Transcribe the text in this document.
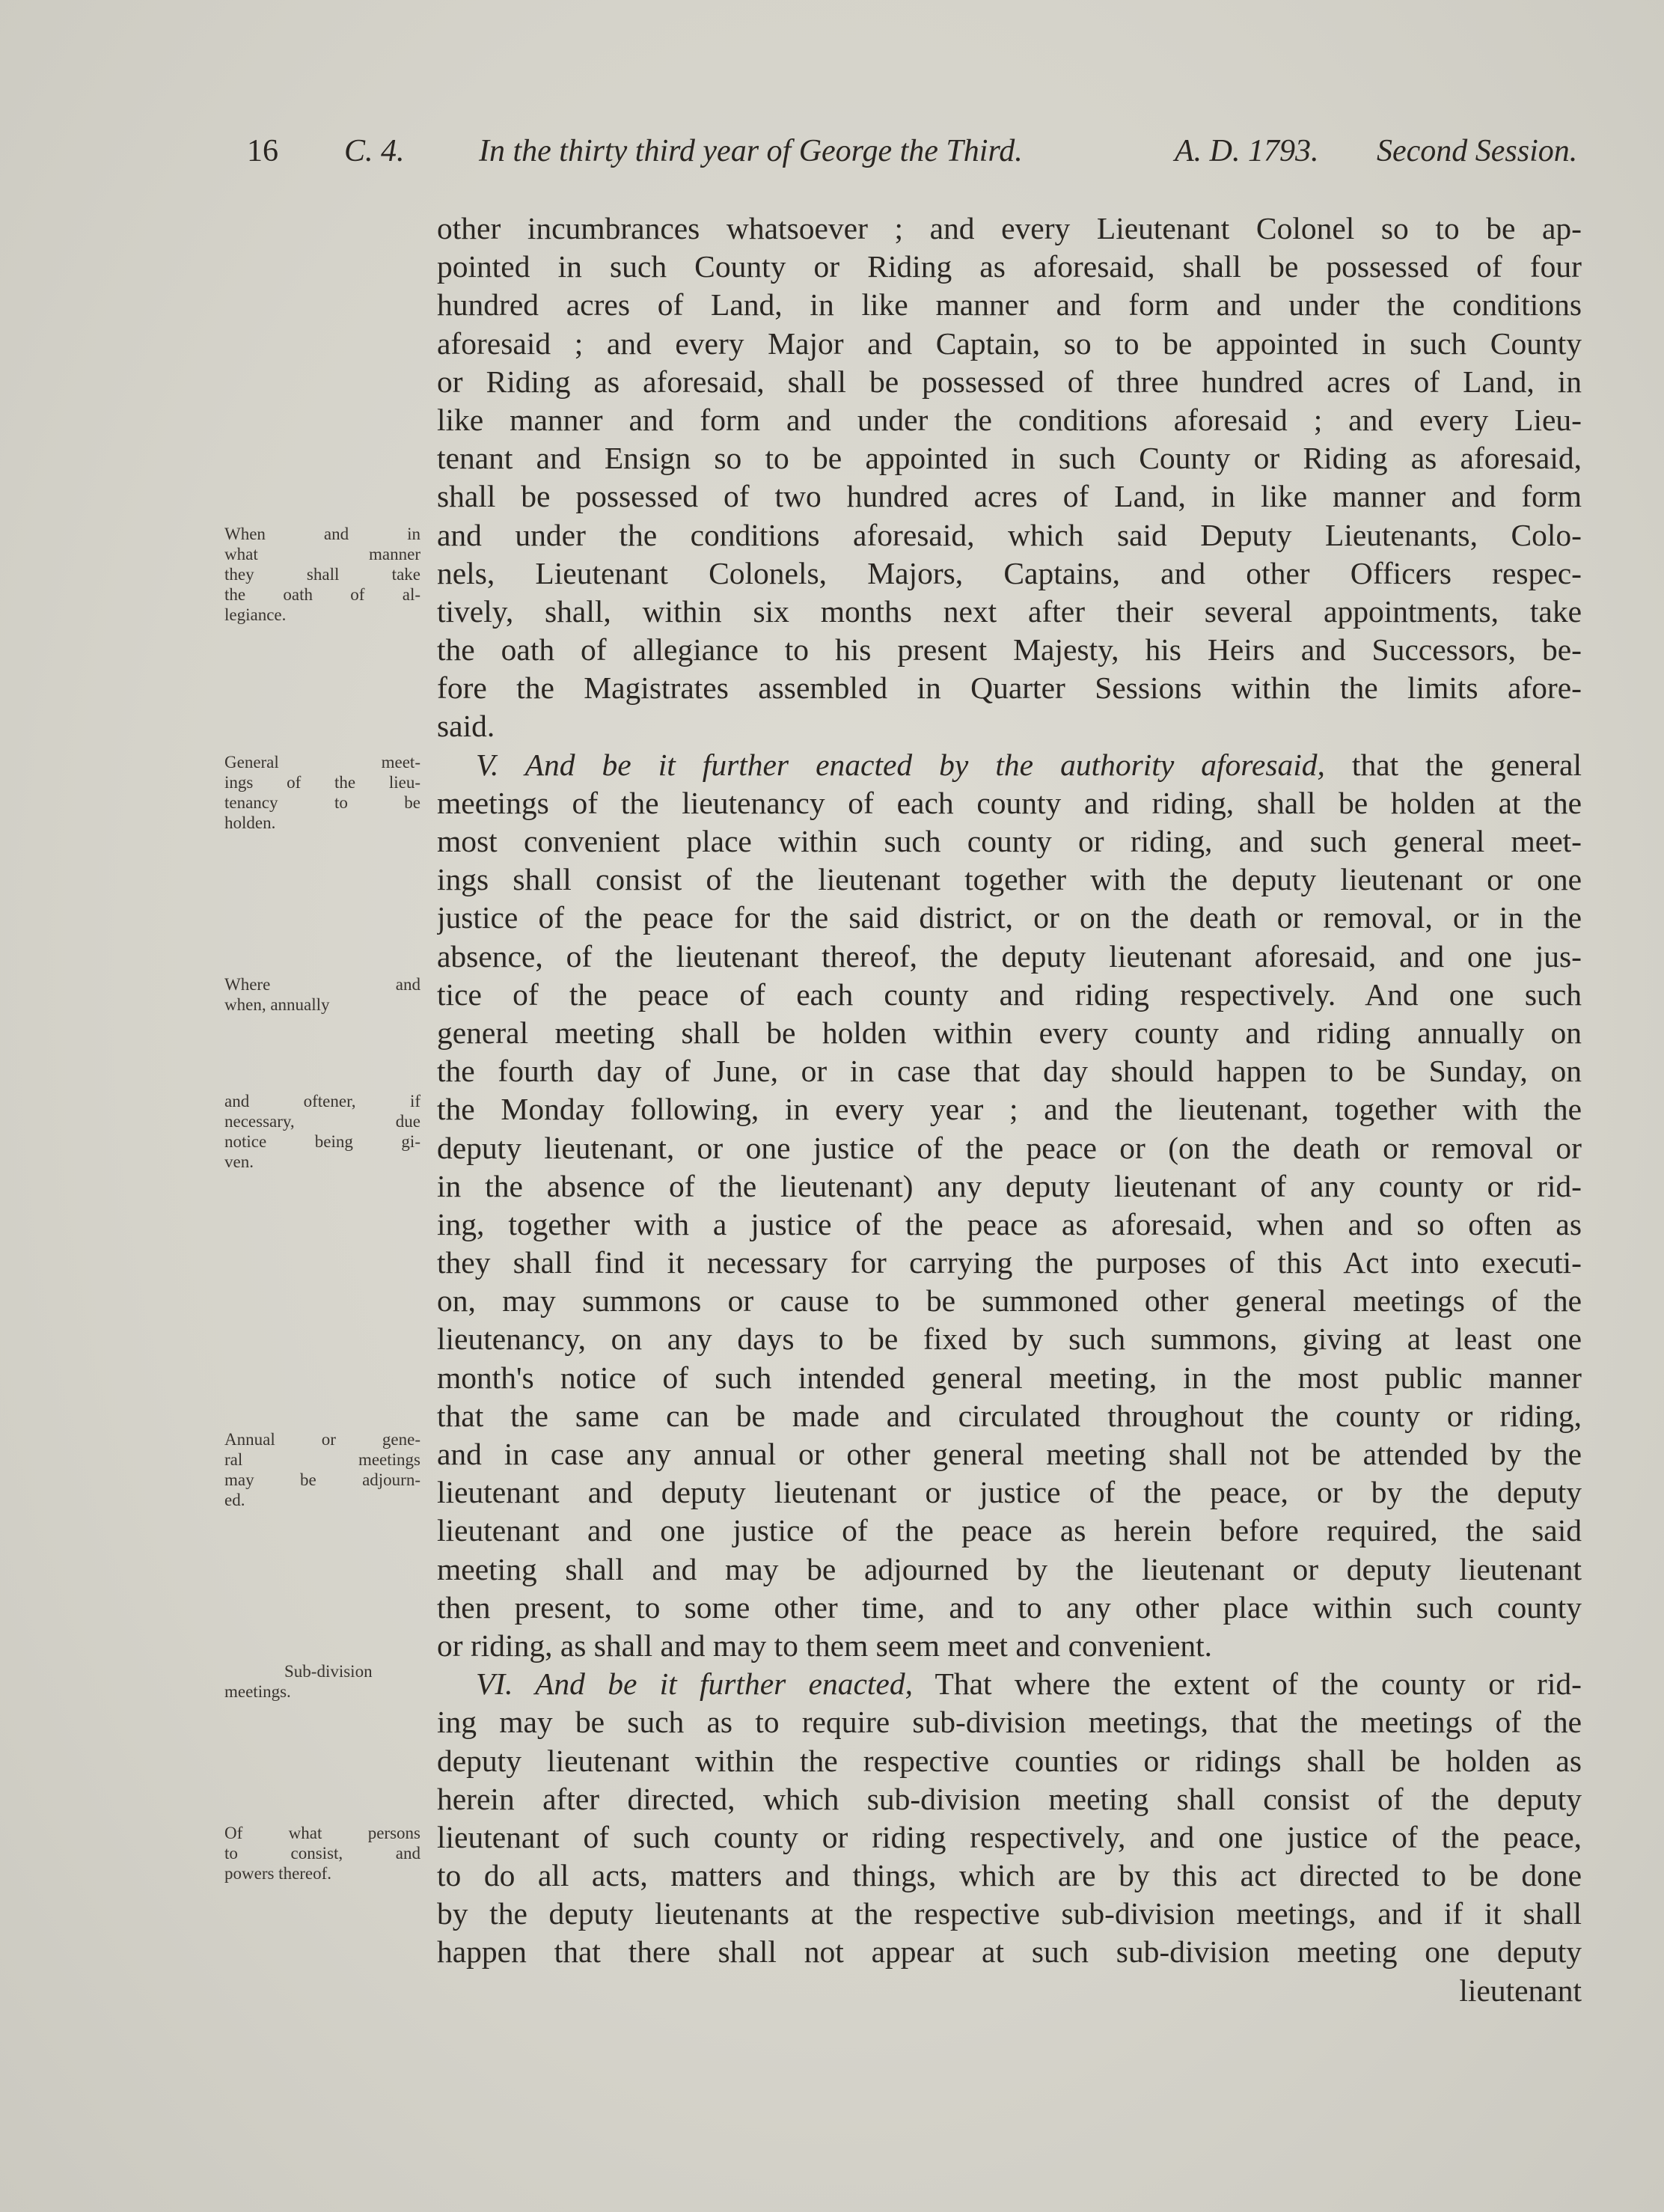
16 C. 4. In the thirty third year of George the Third.	A. D. 1793. Second Session.
When and in
what manner
they shall take
the oath of al-
legiance.
General meet-
ings of the lieu-
tenancy to be
holden.
Where and
when, annually
and oftener, if
necessary, due
notice being gi-
ven.
Annual or gene-
ral meetings
may be adjourn-
ed.
Sub-division
meetings.
Of what persons
to consist, and
powers thereof.
other incumbrances whatsoever ; and every Lieutenant Colonel so to be ap-
pointed in such County or Riding as aforesaid, shall be possessed of four
hundred acres of Land, in like manner and form and under the conditions
aforesaid ; and every Major and Captain, so to be appointed in such County
or Riding as aforesaid, shall be possessed of three hundred acres of Land, in
like manner and form and under the conditions aforesaid ; and every Lieu-
tenant and Ensign so to be appointed in such County or Riding as aforesaid,
shall be possessed of two hundred acres of Land, in like manner and form
and under the conditions aforesaid, which said Deputy Lieutenants, Colo-
nels, Lieutenant Colonels, Majors, Captains, and other Officers respec-
tively, shall, within six months next after their several appointments, take
the oath of allegiance to his present Majesty, his Heirs and Successors, be-
fore the Magistrates assembled in Quarter Sessions within the limits afore-
said.
V. And be it further enacted by the authority aforesaid, that the general
meetings of the lieutenancy of each county and riding, shall be holden at the
most convenient place within such county or riding, and such general meet-
ings shall consist of the lieutenant together with the deputy lieutenant or one
justice of the peace for the said district, or on the death or removal, or in the
absence, of the lieutenant thereof, the deputy lieutenant aforesaid, and one jus-
tice of the peace of each county and riding respectively. And one such
general meeting shall be holden within every county and riding annually on
the fourth day of June, or in case that day should happen to be Sunday, on
the Monday following, in every year ; and the lieutenant, together with the
deputy lieutenant, or one justice of the peace or (on the death or removal or
in the absence of the lieutenant) any deputy lieutenant of any county or rid-
ing, together with a justice of the peace as aforesaid, when and so often as
they shall find it necessary for carrying the purposes of this Act into executi-
on, may summons or cause to be summoned other general meetings of the
lieutenancy, on any days to be fixed by such summons, giving at least one
month's notice of such intended general meeting, in the most public manner
that the same can be made and circulated throughout the county or riding,
and in case any annual or other general meeting shall not be attended by the
lieutenant and deputy lieutenant or justice of the peace, or by the deputy
lieutenant and one justice of the peace as herein before required, the said
meeting shall and may be adjourned by the lieutenant or deputy lieutenant
then present, to some other time, and to any other place within such county
or riding, as shall and may to them seem meet and convenient.
VI. And be it further enacted, That where the extent of the county or rid-
ing may be such as to require sub-division meetings, that the meetings of the
deputy lieutenant within the respective counties or ridings shall be holden as
herein after directed, which sub-division meeting shall consist of the deputy
lieutenant of such county or riding respectively, and one justice of the peace,
to do all acts, matters and things, which are by this act directed to be done
by the deputy lieutenants at the respective sub-division meetings, and if it shall
happen that there shall not appear at such sub-division meeting one deputy
lieutenant
